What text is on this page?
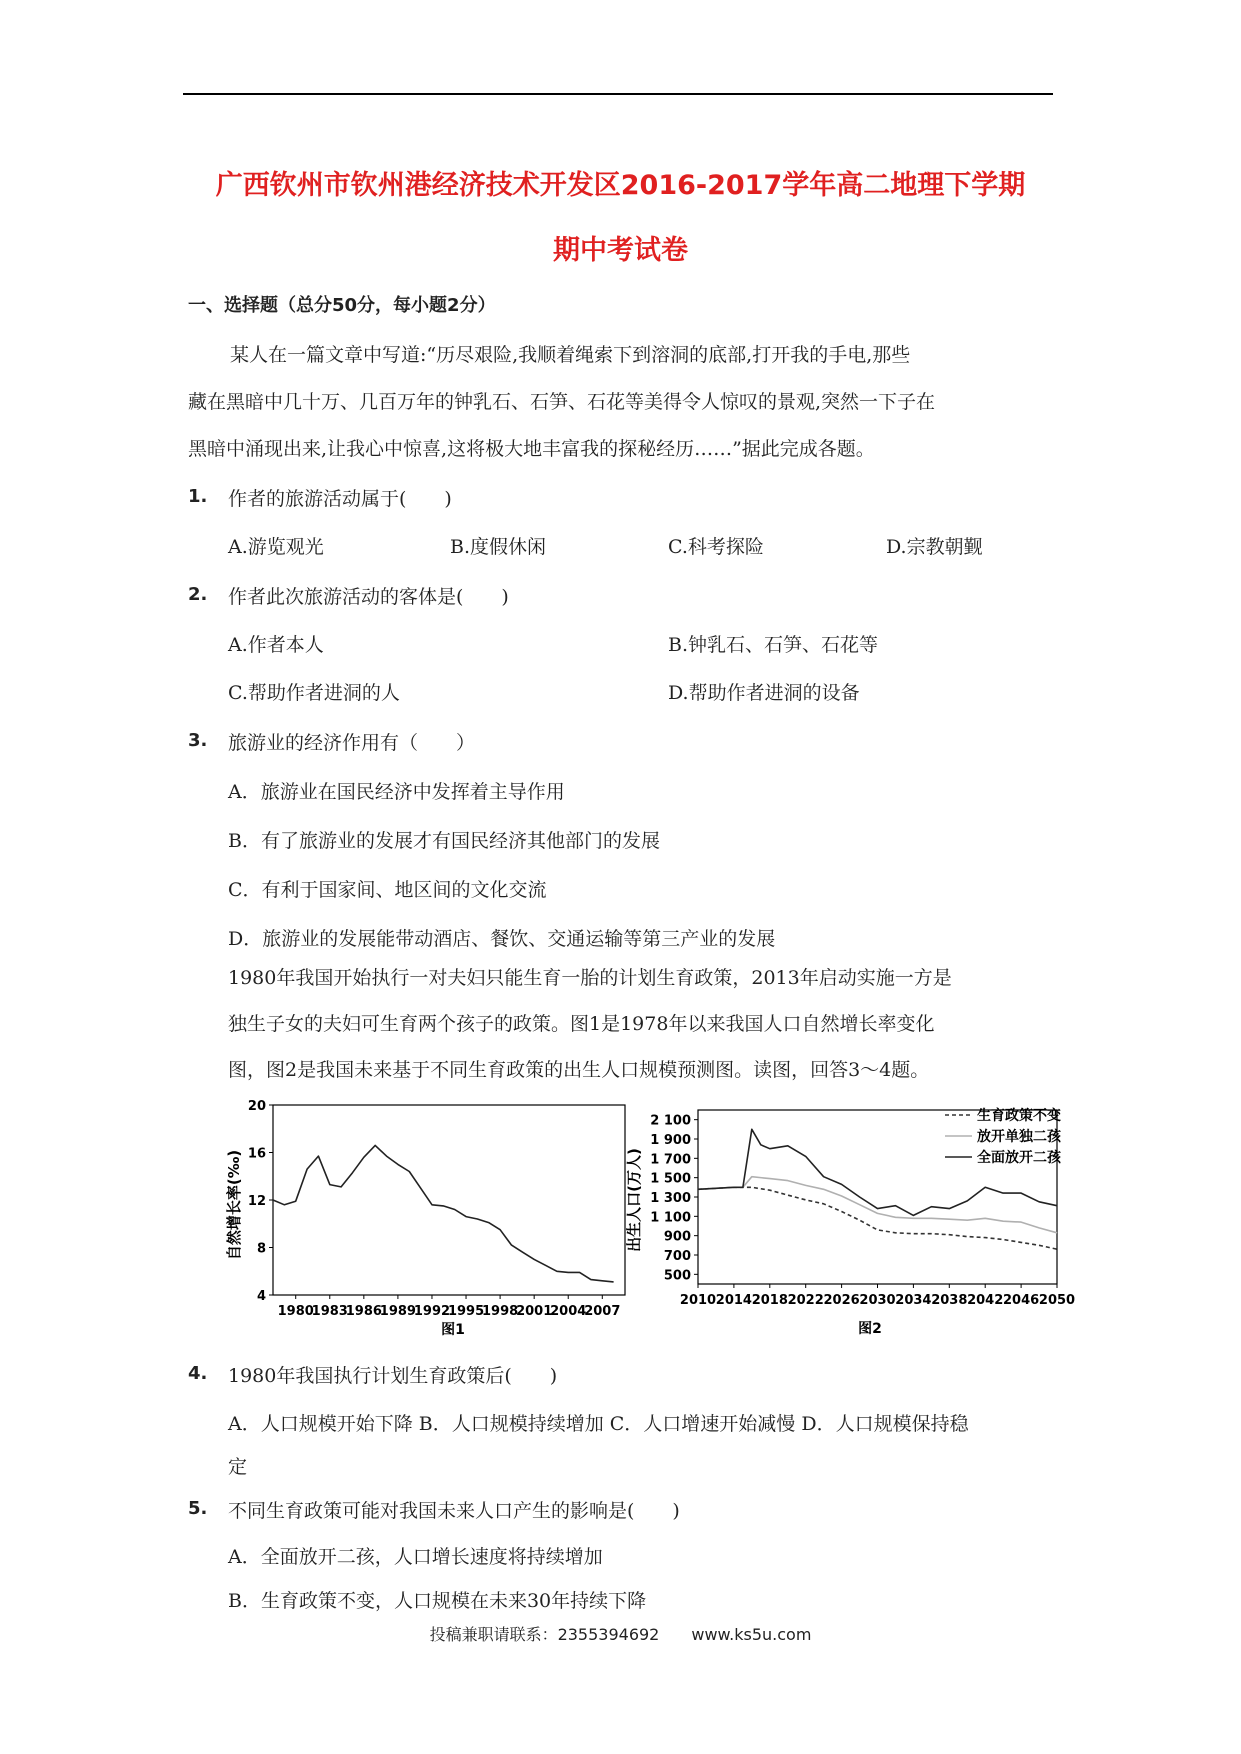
广西钦州市钦州港经济技术开发区2016-2017学年高二地理下学期
期中考试卷
一、选择题（总分50分，每小题2分）
某人在一篇文章中写道:“历尽艰险,我顺着绳索下到溶洞的底部,打开我的手电,那些
藏在黑暗中几十万、几百万年的钟乳石、石笋、石花等美得令人惊叹的景观,突然一下子在
黑暗中涌现出来,让我心中惊喜,这将极大地丰富我的探秘经历……”据此完成各题。
1. 作者的旅游活动属于(　　)
A.游览观光	B.度假休闲	C.科考探险	D.宗教朝觐
2. 作者此次旅游活动的客体是(　　)
A.作者本人	B.钟乳石、石笋、石花等
C.帮助作者进洞的人	D.帮助作者进洞的设备
3. 旅游业的经济作用有（　　）
A．旅游业在国民经济中发挥着主导作用
B．有了旅游业的发展才有国民经济其他部门的发展
C．有利于国家间、地区间的文化交流
D．旅游业的发展能带动酒店、餐饮、交通运输等第三产业的发展
1980年我国开始执行一对夫妇只能生育一胎的计划生育政策，2013年启动实施一方是
独生子女的夫妇可生育两个孩子的政策。图1是1978年以来我国人口自然增长率变化
图，图2是我国未来基于不同生育政策的出生人口规模预测图。读图，回答3～4题。
20
16
12
8
4
1980
1983
1986
1989
1992
1995
1998
2001
2004
2007
自然增长率(‰)
图1
2 100
1 900
1 700
1 500
1 300
1 100
900
700
500
2010 2014 2018 2022 2026 2030 2034 2038 2042 2046 2050
出生人口(万人)
图2
生育政策不变
放开单独二孩
全面放开二孩
4. 1980年我国执行计划生育政策后(　　)
A．人口规模开始下降 B．人口规模持续增加 C．人口增速开始减慢 D．人口规模保持稳
定
5. 不同生育政策可能对我国未来人口产生的影响是(　　)
A．全面放开二孩，人口增长速度将持续增加
B．生育政策不变，人口规模在未来30年持续下降
投稿兼职请联系：2355394692　　www.ks5u.com
